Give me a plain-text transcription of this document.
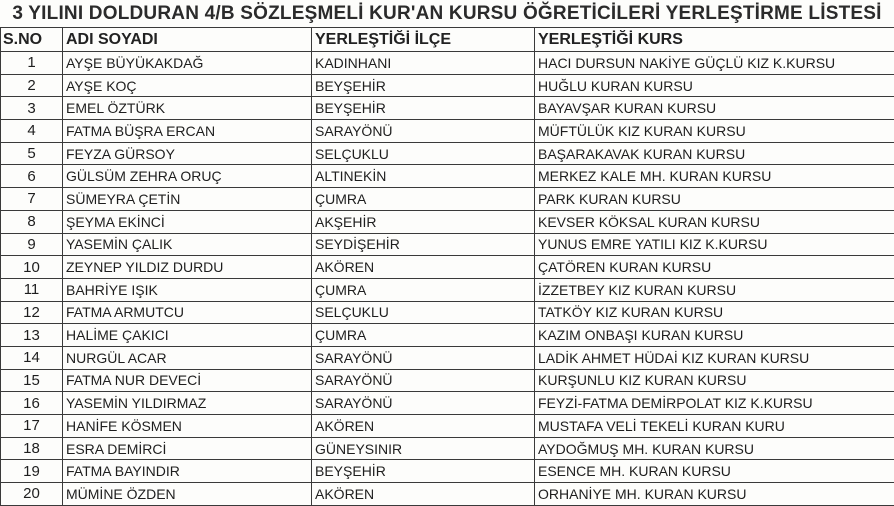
3 YILINI DOLDURAN 4/B SÖZLEŞMELİ KUR'AN KURSU ÖĞRETİCİLERİ YERLEŞTİRME LİSTESİ
S.NO	ADI SOYADI	YERLEŞTİĞİ İLÇE	YERLEŞTİĞİ KURS
1	AYŞE BÜYÜKAKDAĞ	KADINHANI	HACI DURSUN NAKİYE GÜÇLÜ KIZ K.KURSU
2	AYŞE KOÇ	BEYŞEHİR	HUĞLU KURAN KURSU
3	EMEL ÖZTÜRK	BEYŞEHİR	BAYAVŞAR KURAN KURSU
4	FATMA BÜŞRA ERCAN	SARAYÖNÜ	MÜFTÜLÜK KIZ KURAN KURSU
5	FEYZA GÜRSOY	SELÇUKLU	BAŞARAKAVAK KURAN KURSU
6	GÜLSÜM ZEHRA ORUÇ	ALTINEKİN	MERKEZ KALE MH. KURAN KURSU
7	SÜMEYRA ÇETİN	ÇUMRA	PARK KURAN KURSU
8	ŞEYMA EKİNCİ	AKŞEHİR	KEVSER KÖKSAL KURAN KURSU
9	YASEMİN ÇALIK	SEYDİŞEHİR	YUNUS EMRE YATILI KIZ K.KURSU
10	ZEYNEP YILDIZ DURDU	AKÖREN	ÇATÖREN KURAN KURSU
11	BAHRİYE IŞIK	ÇUMRA	İZZETBEY KIZ KURAN KURSU
12	FATMA ARMUTCU	SELÇUKLU	TATKÖY KIZ KURAN KURSU
13	HALİME ÇAKICI	ÇUMRA	KAZIM ONBAŞI KURAN KURSU
14	NURGÜL ACAR	SARAYÖNÜ	LADİK AHMET HÜDAİ KIZ KURAN KURSU
15	FATMA NUR DEVECİ	SARAYÖNÜ	KURŞUNLU KIZ KURAN KURSU
16	YASEMİN YILDIRMAZ	SARAYÖNÜ	FEYZİ-FATMA DEMİRPOLAT KIZ K.KURSU
17	HANİFE KÖSMEN	AKÖREN	MUSTAFA VELİ TEKELİ KURAN KURU
18	ESRA DEMİRCİ	GÜNEYSINIR	AYDOĞMUŞ MH. KURAN KURSU
19	FATMA BAYINDIR	BEYŞEHİR	ESENCE MH. KURAN KURSU
20	MÜMİNE ÖZDEN	AKÖREN	ORHANİYE MH. KURAN KURSU
